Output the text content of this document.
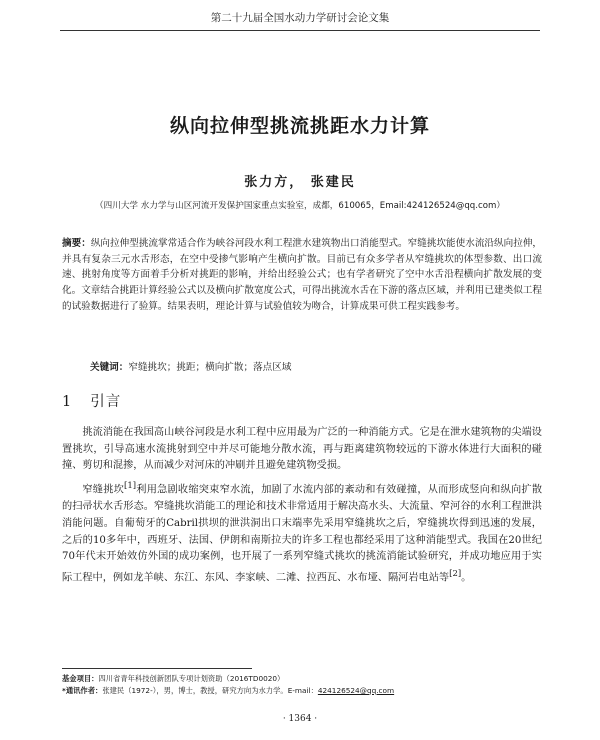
第二十九届全国水动力学研讨会论文集
纵向拉伸型挑流挑距水力计算
张力方， 张建民
（四川大学 水力学与山区河流开发保护国家重点实验室，成都，610065，Email:424126524@qq.com）
摘要：纵向拉伸型挑流掌常适合作为峡谷河段水利工程泄水建筑物出口消能型式。窄缝挑坎能使水流沿纵向拉伸，并具有复杂三元水舌形态，在空中受掺气影响产生横向扩散。目前已有众多学者从窄缝挑坎的体型参数、出口流速、挑射角度等方面着手分析对挑距的影响，并给出经验公式；也有学者研究了空中水舌沿程横向扩散发展的变化。文章结合挑距计算经验公式以及横向扩散宽度公式，可得出挑流水舌在下游的落点区域，并利用已建类似工程的试验数据进行了验算。结果表明，理论计算与试验值较为吻合，计算成果可供工程实践参考。
关键词：窄缝挑坎；挑距；横向扩散；落点区域
1 引言

挑流消能在我国高山峡谷河段是水利工程中应用最为广泛的一种消能方式。它是在泄水建筑物的尖端设置挑坎，引导高速水流挑射到空中并尽可能地分散水流，再与距离建筑物较远的下游水体进行大面积的碰撞、剪切和混掺，从而减少对河床的冲刷并且避免建筑物受损。

窄缝挑坎[1]利用急剧收缩突束窄水流，加剧了水流内部的紊动和有效碰撞，从而形成竖向和纵向扩散的扫帚状水舌形态。窄缝挑坎消能工的理论和技术非常适用于解决高水头、大流量、窄河谷的水利工程泄洪消能问题。自葡萄牙的Cabril拱坝的泄洪洞出口末端率先采用窄缝挑坎之后，窄缝挑坎得到迅速的发展，之后的10多年中，西班牙、法国、伊朗和南斯拉夫的许多工程也都经采用了这种消能型式。我国在20世纪70年代末开始效仿外国的成功案例，也开展了一系列窄缝式挑坎的挑流消能试验研究，并成功地应用于实际工程中，例如龙羊峡、东江、东风、李家峡、二滩、拉西瓦、水布垭、隔河岩电站等[2]。

基金项目：四川省青年科技创新团队专项计划资助（2016TD0020）
*通讯作者：张建民（1972-），男，博士，教授，研究方向为水力学。E-mail：424126524@qq.com
· 1364 ·
